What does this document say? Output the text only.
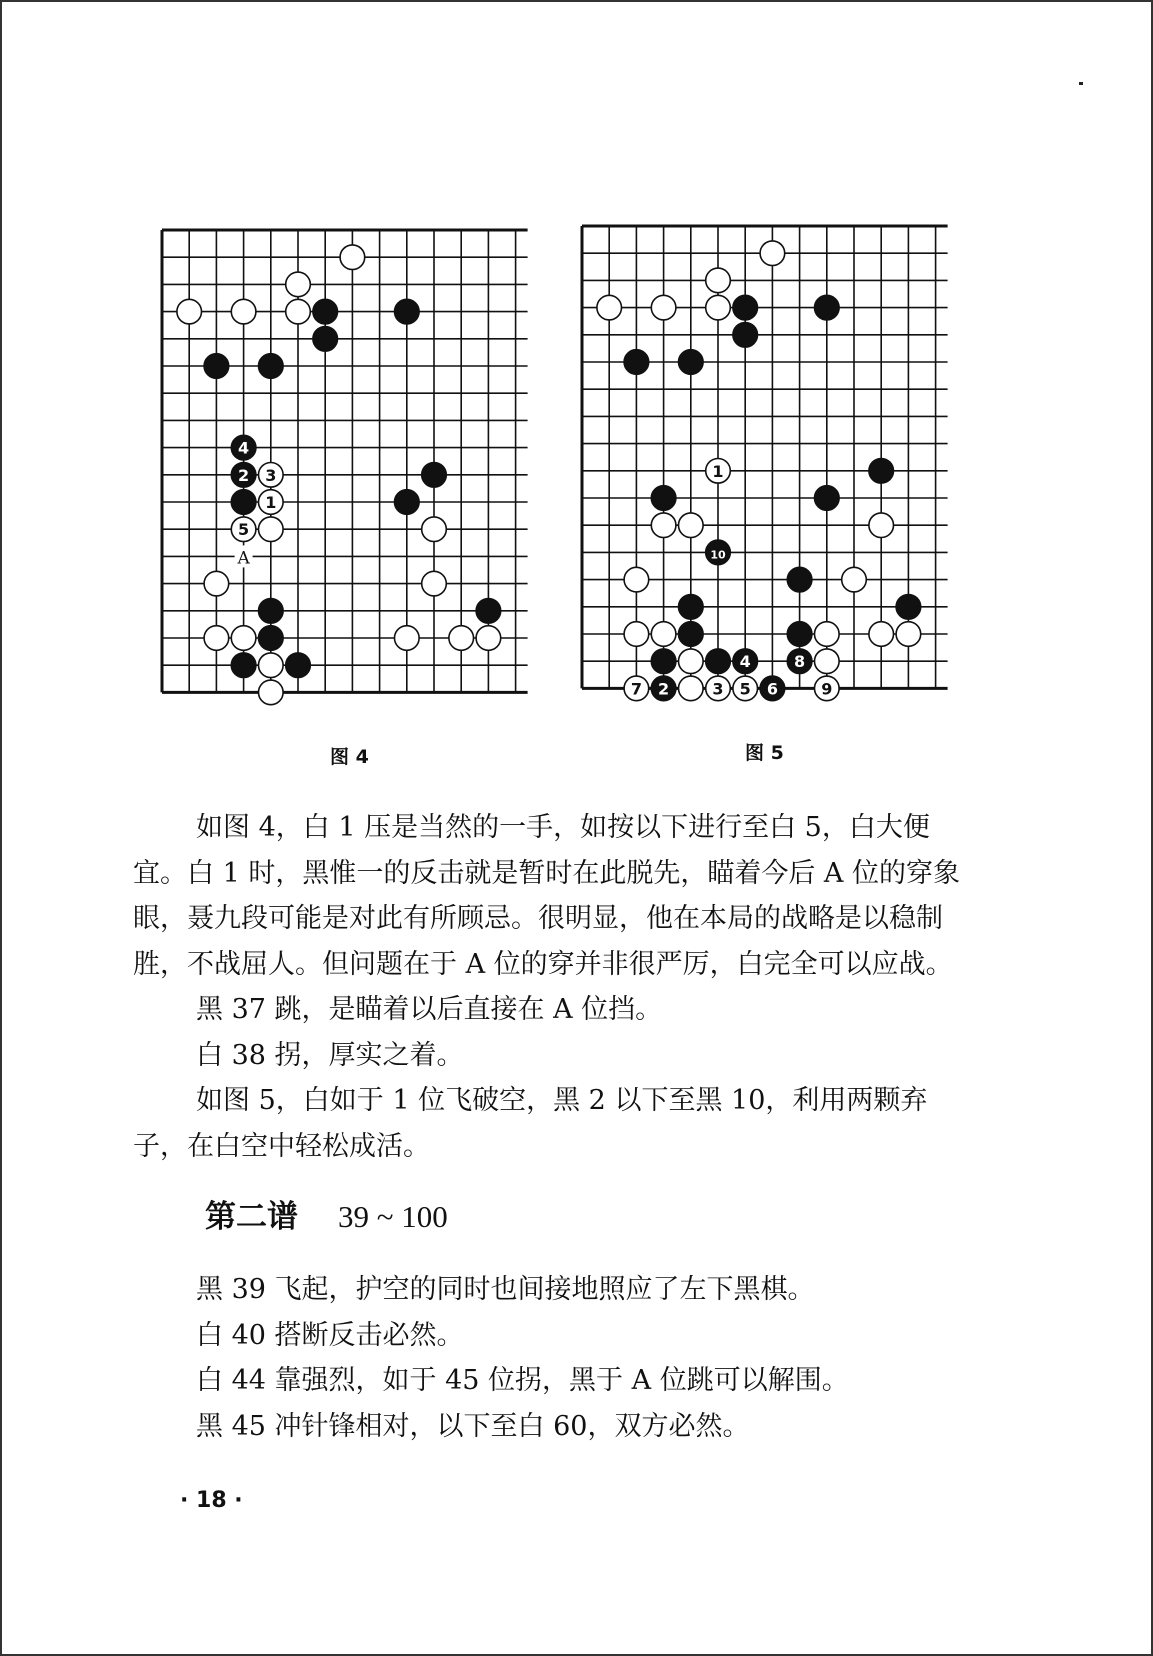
4
2 3
1
5
A
1
10
4	8
7 2	3 5 6	9
图 4	图 5

如图 4，白 1 压是当然的一手，如按以下进行至白 5，白大便宜。白 1 时，黑惟一的反击就是暂时在此脱先，瞄着今后 A 位的穿象眼，聂九段可能是对此有所顾忌。很明显，他在本局的战略是以稳制胜，不战屈人。但问题在于 A 位的穿并非很严厉，白完全可以应战。

黑 37 跳，是瞄着以后直接在 A 位挡。

白 38 拐，厚实之着。

如图 5，白如于 1 位飞破空，黑 2 以下至黑 10，利用两颗弃子，在白空中轻松成活。

第二谱 39 ~ 100

黑 39 飞起，护空的同时也间接地照应了左下黑棋。

白 40 搭断反击必然。

白 44 靠强烈，如于 45 位拐，黑于 A 位跳可以解围。

黑 45 冲针锋相对，以下至白 60，双方必然。

· 18 ·
